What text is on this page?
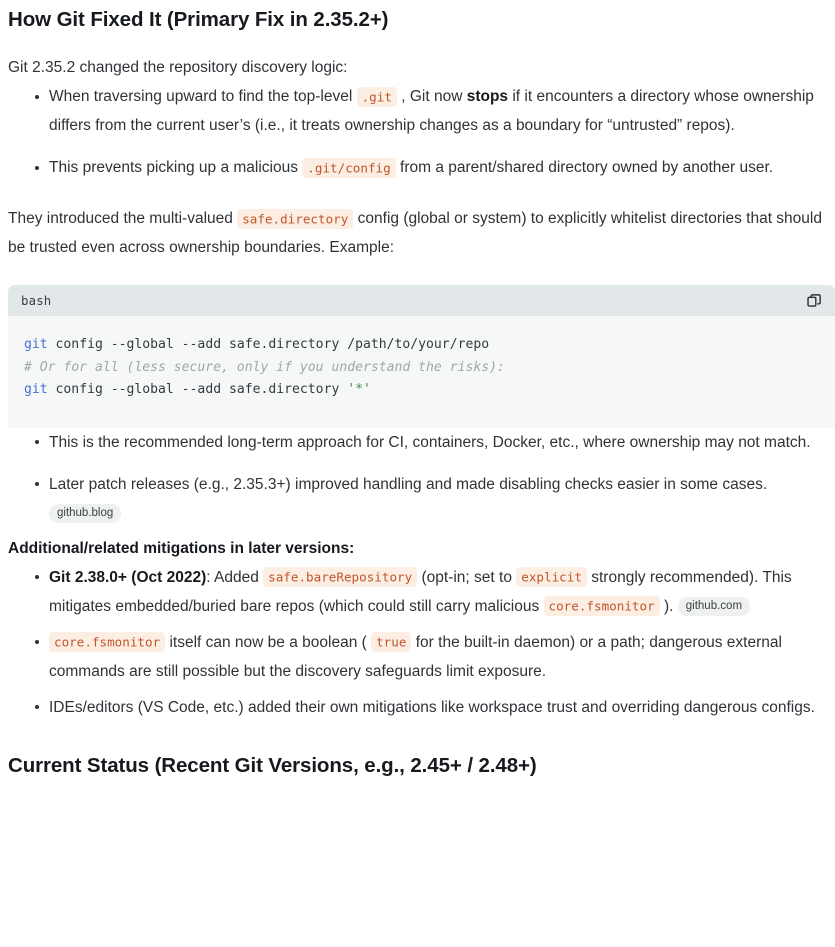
How Git Fixed It (Primary Fix in 2.35.2+)

Git 2.35.2 changed the repository discovery logic:

When traversing upward to find the top-level .git , Git now stops if it encounters a directory whose ownership differs from the current user’s (i.e., it treats ownership changes as a boundary for “untrusted” repos).
This prevents picking up a malicious .git/config from a parent/shared directory owned by another user.

They introduced the multi-valued safe.directory config (global or system) to explicitly whitelist directories that should be trusted even across ownership boundaries. Example:

bash
git config --global --add safe.directory /path/to/your/repo
# Or for all (less secure, only if you understand the risks):
git config --global --add safe.directory '*'
This is the recommended long-term approach for CI, containers, Docker, etc., where ownership may not match.
Later patch releases (e.g., 2.35.3+) improved handling and made disabling checks easier in some cases. github.blog

Additional/related mitigations in later versions:

Git 2.38.0+ (Oct 2022): Added safe.bareRepository (opt-in; set to explicit strongly recommended). This mitigates embedded/buried bare repos (which could still carry malicious core.fsmonitor ). github.com
core.fsmonitor itself can now be a boolean ( true for the built-in daemon) or a path; dangerous external commands are still possible but the discovery safeguards limit exposure.
IDEs/editors (VS Code, etc.) added their own mitigations like workspace trust and overriding dangerous configs.
Current Status (Recent Git Versions, e.g., 2.45+ / 2.48+)
